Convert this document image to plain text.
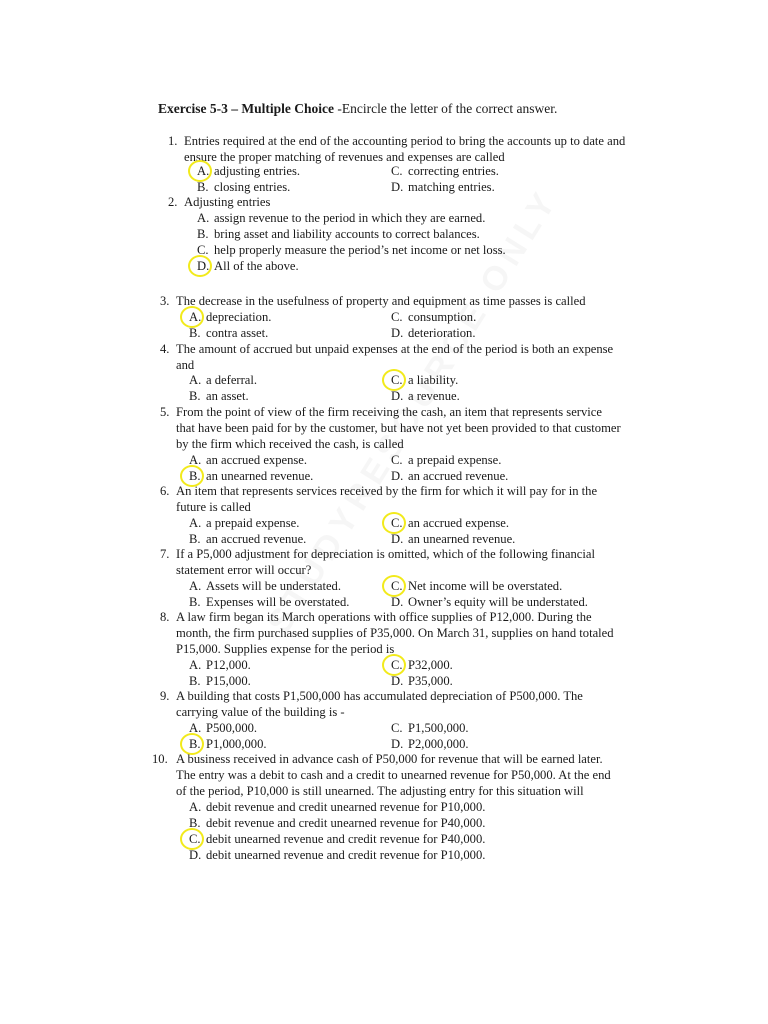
Exercise 5-3 – Multiple Choice -Encircle the letter of the correct answer.
1. Entries required at the end of the accounting period to bring the accounts up to date and
ensure the proper matching of revenues and expenses are called
A. adjusting entries.
B. closing entries.
C. correcting entries.
D. matching entries.
2. Adjusting entries
A. assign revenue to the period in which they are earned.
B. bring asset and liability accounts to correct balances.
C. help properly measure the period’s net income or net loss.
D. All of the above.
3. The decrease in the usefulness of property and equipment as time passes is called
A. depreciation.
B. contra asset.
C. consumption.
D. deterioration.
4. The amount of accrued but unpaid expenses at the end of the period is both an expense
and
A. a deferral.
B. an asset.
C. a liability.
D. a revenue.
5. From the point of view of the firm receiving the cash, an item that represents service
that have been paid for by the customer, but have not yet been provided to that customer
by the firm which received the cash, is called
A. an accrued expense.
B. an unearned revenue.
C. a prepaid expense.
D. an accrued revenue.
6. An item that represents services received by the firm for which it will pay for in the
future is called
A. a prepaid expense.
B. an accrued revenue.
C. an accrued expense.
D. an unearned revenue.
7. If a P5,000 adjustment for depreciation is omitted, which of the following financial
statement error will occur?
A. Assets will be understated.
B. Expenses will be overstated.
C. Net income will be overstated.
D. Owner’s equity will be understated.
8. A law firm began its March operations with office supplies of P12,000. During the
month, the firm purchased supplies of P35,000. On March 31, supplies on hand totaled
P15,000. Supplies expense for the period is
A. P12,000.
B. P15,000.
C. P32,000.
D. P35,000.
9. A building that costs P1,500,000 has accumulated depreciation of P500,000. The
carrying value of the building is -
A. P500,000.
B. P1,000,000.
C. P1,500,000.
D. P2,000,000.
10. A business received in advance cash of P50,000 for revenue that will be earned later.
The entry was a debit to cash and a credit to unearned revenue for P50,000. At the end
of the period, P10,000 is still unearned. The adjusting entry for this situation will
A. debit revenue and credit unearned revenue for P10,000.
B. debit revenue and credit unearned revenue for P40,000.
C. debit unearned revenue and credit revenue for P40,000.
D. debit unearned revenue and credit revenue for P10,000.
